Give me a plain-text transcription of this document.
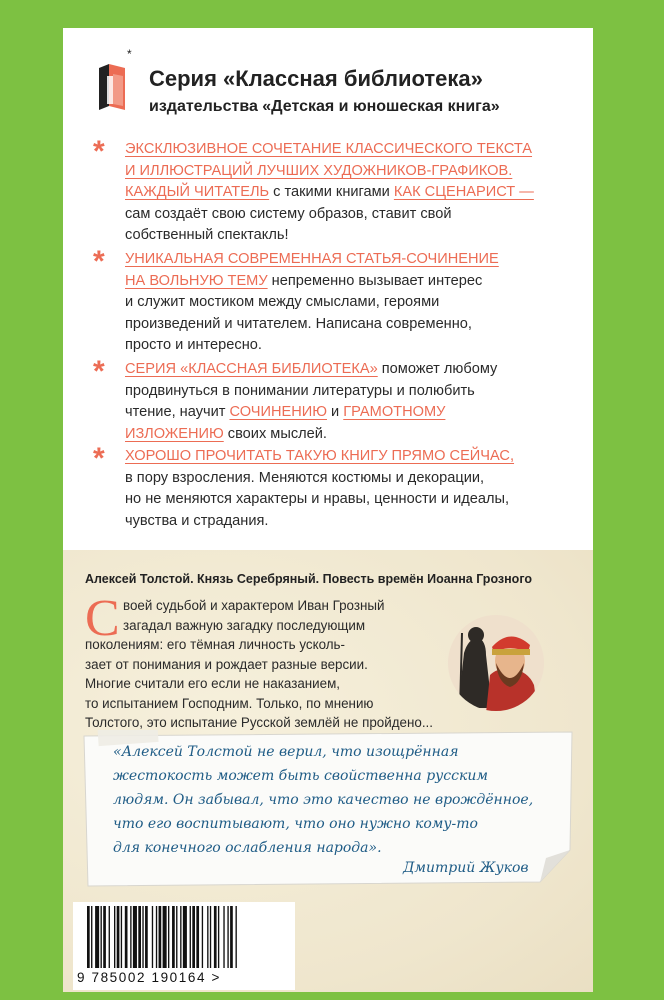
*
Серия «Классная библиотека»
издательства «Детская и юношеская книга»
*	ЭКСКЛЮЗИВНОЕ СОЧЕТАНИЕ КЛАССИЧЕСКОГО ТЕКСТА
И ИЛЛЮСТРАЦИЙ ЛУЧШИХ ХУДОЖНИКОВ-ГРАФИКОВ.
КАЖДЫЙ ЧИТАТЕЛЬ с такими книгами КАК СЦЕНАРИСТ —
сам создаёт свою систему образов, ставит свой
собственный спектакль!
*	УНИКАЛЬНАЯ СОВРЕМЕННАЯ СТАТЬЯ-СОЧИНЕНИЕ
НА ВОЛЬНУЮ ТЕМУ непременно вызывает интерес
и служит мостиком между смыслами, героями
произведений и читателем. Написана современно,
просто и интересно.
*	СЕРИЯ «КЛАССНАЯ БИБЛИОТЕКА» поможет любому
продвинуться в понимании литературы и полюбить
чтение, научит СОЧИНЕНИЮ и ГРАМОТНОМУ
ИЗЛОЖЕНИЮ своих мыслей.
*	ХОРОШО ПРОЧИТАТЬ ТАКУЮ КНИГУ ПРЯМО СЕЙЧАС,
в пору взросления. Меняются костюмы и декорации,
но не меняются характеры и нравы, ценности и идеалы,
чувства и страдания.
Алексей Толстой. Князь Серебряный. Повесть времён Иоанна Грозного
С воей судьбой и характером Иван Грозный
загадал важную загадку последующим
поколениям: его тёмная личность усколь-
зает от понимания и рождает разные версии.
Многие считали его если не наказанием,
то испытанием Господним. Только, по мнению
Толстого, это испытание Русской землёй не пройдено...
«Алексей Толстой не верил, что изощрённая
жестокость может быть свойственна русским
людям. Он забывал, что это качество не врождённое,
что его воспитывают, что оно нужно кому-то
для конечного ослабления народа».
Дмитрий Жуков
9 785002 190164 >
